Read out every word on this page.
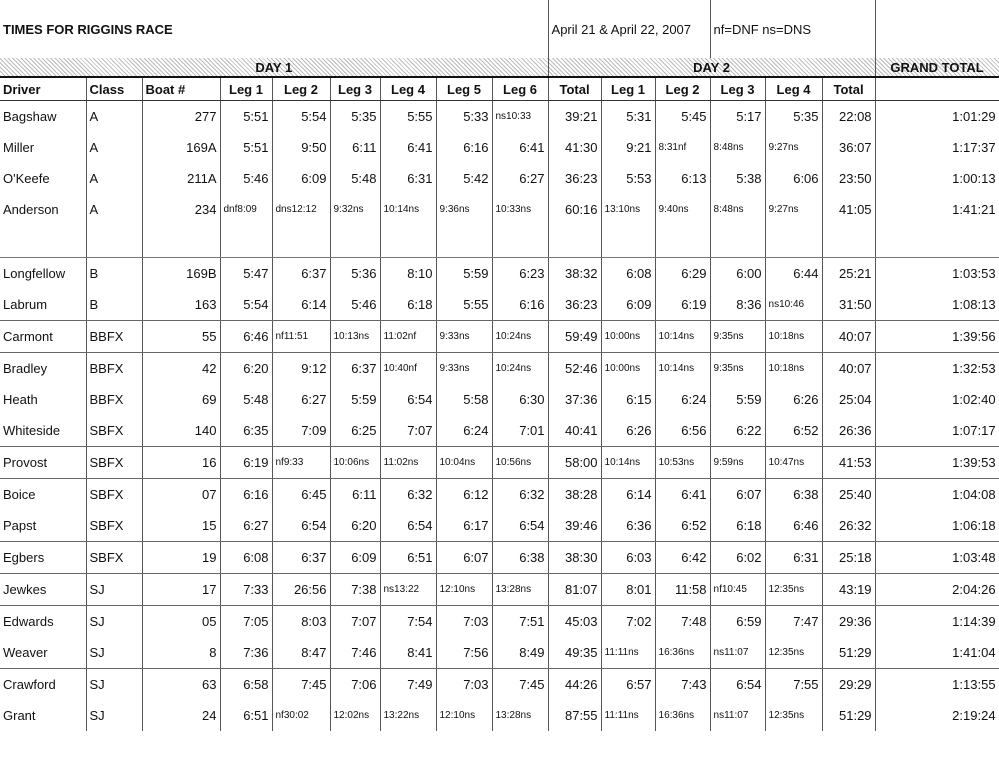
TIMES FOR RIGGINS RACE									April 21 & April 22, 2007			nf=DNF ns=DNS			
DAY 1									DAY 2						GRAND TOTAL
Driver	Class	Boat #	Leg 1	Leg 2	Leg 3	Leg 4	Leg 5	Leg 6	Total	Leg 1	Leg 2	Leg 3	Leg 4	Total	
Bagshaw	A	277	5:51	5:54	5:35	5:55	5:33	ns10:33	39:21	5:31	5:45	5:17	5:35	22:08	1:01:29
Miller	A	169A	5:51	9:50	6:11	6:41	6:16	6:41	41:30	9:21	8:31nf	8:48ns	9:27ns	36:07	1:17:37
O'Keefe	A	211A	5:46	6:09	5:48	6:31	5:42	6:27	36:23	5:53	6:13	5:38	6:06	23:50	1:00:13
Anderson	A	234	dnf8:09	dns12:12	9:32ns	10:14ns	9:36ns	10:33ns	60:16	13:10ns	9:40ns	8:48ns	9:27ns	41:05	1:41:21

Longfellow	B	169B	5:47	6:37	5:36	8:10	5:59	6:23	38:32	6:08	6:29	6:00	6:44	25:21	1:03:53
Labrum	B	163	5:54	6:14	5:46	6:18	5:55	6:16	36:23	6:09	6:19	8:36	ns10:46	31:50	1:08:13
Carmont	BBFX	55	6:46	nf11:51	10:13ns	11:02nf	9:33ns	10:24ns	59:49	10:00ns	10:14ns	9:35ns	10:18ns	40:07	1:39:56
Bradley	BBFX	42	6:20	9:12	6:37	10:40nf	9:33ns	10:24ns	52:46	10:00ns	10:14ns	9:35ns	10:18ns	40:07	1:32:53
Heath	BBFX	69	5:48	6:27	5:59	6:54	5:58	6:30	37:36	6:15	6:24	5:59	6:26	25:04	1:02:40
Whiteside	SBFX	140	6:35	7:09	6:25	7:07	6:24	7:01	40:41	6:26	6:56	6:22	6:52	26:36	1:07:17
Provost	SBFX	16	6:19	nf9:33	10:06ns	11:02ns	10:04ns	10:56ns	58:00	10:14ns	10:53ns	9:59ns	10:47ns	41:53	1:39:53
Boice	SBFX	07	6:16	6:45	6:11	6:32	6:12	6:32	38:28	6:14	6:41	6:07	6:38	25:40	1:04:08
Papst	SBFX	15	6:27	6:54	6:20	6:54	6:17	6:54	39:46	6:36	6:52	6:18	6:46	26:32	1:06:18
Egbers	SBFX	19	6:08	6:37	6:09	6:51	6:07	6:38	38:30	6:03	6:42	6:02	6:31	25:18	1:03:48
Jewkes	SJ	17	7:33	26:56	7:38	ns13:22	12:10ns	13:28ns	81:07	8:01	11:58	nf10:45	12:35ns	43:19	2:04:26
Edwards	SJ	05	7:05	8:03	7:07	7:54	7:03	7:51	45:03	7:02	7:48	6:59	7:47	29:36	1:14:39
Weaver	SJ	8	7:36	8:47	7:46	8:41	7:56	8:49	49:35	11:11ns	16:36ns	ns11:07	12:35ns	51:29	1:41:04
Crawford	SJ	63	6:58	7:45	7:06	7:49	7:03	7:45	44:26	6:57	7:43	6:54	7:55	29:29	1:13:55
Grant	SJ	24	6:51	nf30:02	12:02ns	13:22ns	12:10ns	13:28ns	87:55	11:11ns	16:36ns	ns11:07	12:35ns	51:29	2:19:24
